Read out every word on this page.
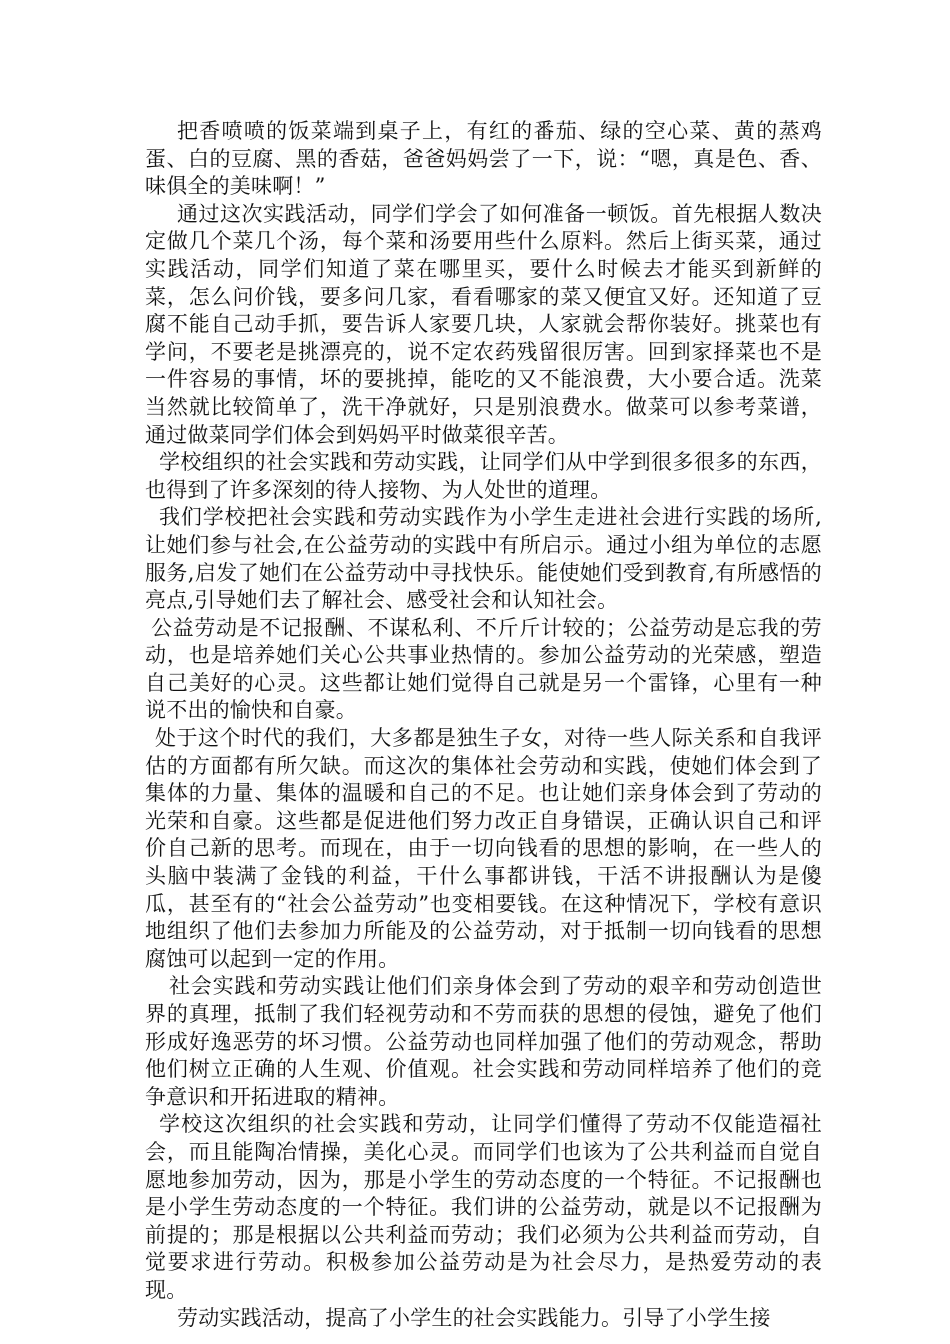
把香喷喷的饭菜端到桌子上，有红的番茄、绿的空心菜、黄的蒸鸡蛋、白的豆腐、黑的香菇，爸爸妈妈尝了一下，说：“嗯，真是色、香、味俱全的美味啊！”

通过这次实践活动，同学们学会了如何准备一顿饭。首先根据人数决定做几个菜几个汤，每个菜和汤要用些什么原料。然后上街买菜，通过实践活动，同学们知道了菜在哪里买，要什么时候去才能买到新鲜的菜，怎么问价钱，要多问几家，看看哪家的菜又便宜又好。还知道了豆腐不能自己动手抓，要告诉人家要几块，人家就会帮你装好。挑菜也有学问，不要老是挑漂亮的，说不定农药残留很厉害。回到家择菜也不是一件容易的事情，坏的要挑掉，能吃的又不能浪费，大小要合适。洗菜当然就比较简单了，洗干净就好，只是别浪费水。做菜可以参考菜谱，通过做菜同学们体会到妈妈平时做菜很辛苦。

学校组织的社会实践和劳动实践，让同学们从中学到很多很多的东西，也得到了许多深刻的待人接物、为人处世的道理。

我们学校把社会实践和劳动实践作为小学生走进社会进行实践的场所,让她们参与社会,在公益劳动的实践中有所启示。通过小组为单位的志愿服务,启发了她们在公益劳动中寻找快乐。能使她们受到教育,有所感悟的亮点,引导她们去了解社会、感受社会和认知社会。

公益劳动是不记报酬、不谋私利、不斤斤计较的；公益劳动是忘我的劳动，也是培养她们关心公共事业热情的。参加公益劳动的光荣感，塑造自己美好的心灵。这些都让她们觉得自己就是另一个雷锋，心里有一种说不出的愉快和自豪。

处于这个时代的我们，大多都是独生子女，对待一些人际关系和自我评估的方面都有所欠缺。而这次的集体社会劳动和实践，使她们体会到了集体的力量、集体的温暖和自己的不足。也让她们亲身体会到了劳动的光荣和自豪。这些都是促进他们努力改正自身错误，正确认识自己和评价自己新的思考。而现在，由于一切向钱看的思想的影响，在一些人的头脑中装满了金钱的利益，干什么事都讲钱，干活不讲报酬认为是傻瓜，甚至有的“社会公益劳动”也变相要钱。在这种情况下，学校有意识地组织了他们去参加力所能及的公益劳动，对于抵制一切向钱看的思想腐蚀可以起到一定的作用。

社会实践和劳动实践让他们们亲身体会到了劳动的艰辛和劳动创造世界的真理，抵制了我们轻视劳动和不劳而获的思想的侵蚀，避免了他们形成好逸恶劳的坏习惯。公益劳动也同样加强了他们的劳动观念，帮助他们树立正确的人生观、价值观。社会实践和劳动同样培养了他们的竞争意识和开拓进取的精神。

学校这次组织的社会实践和劳动，让同学们懂得了劳动不仅能造福社会，而且能陶冶情操，美化心灵。而同学们也该为了公共利益而自觉自愿地参加劳动，因为，那是小学生的劳动态度的一个特征。不记报酬也是小学生劳动态度的一个特征。我们讲的公益劳动，就是以不记报酬为前提的；那是根据以公共利益而劳动；我们必须为公共利益而劳动，自觉要求进行劳动。积极参加公益劳动是为社会尽力，是热爱劳动的表现。

劳动实践活动，提高了小学生的社会实践能力。引导了小学生接
